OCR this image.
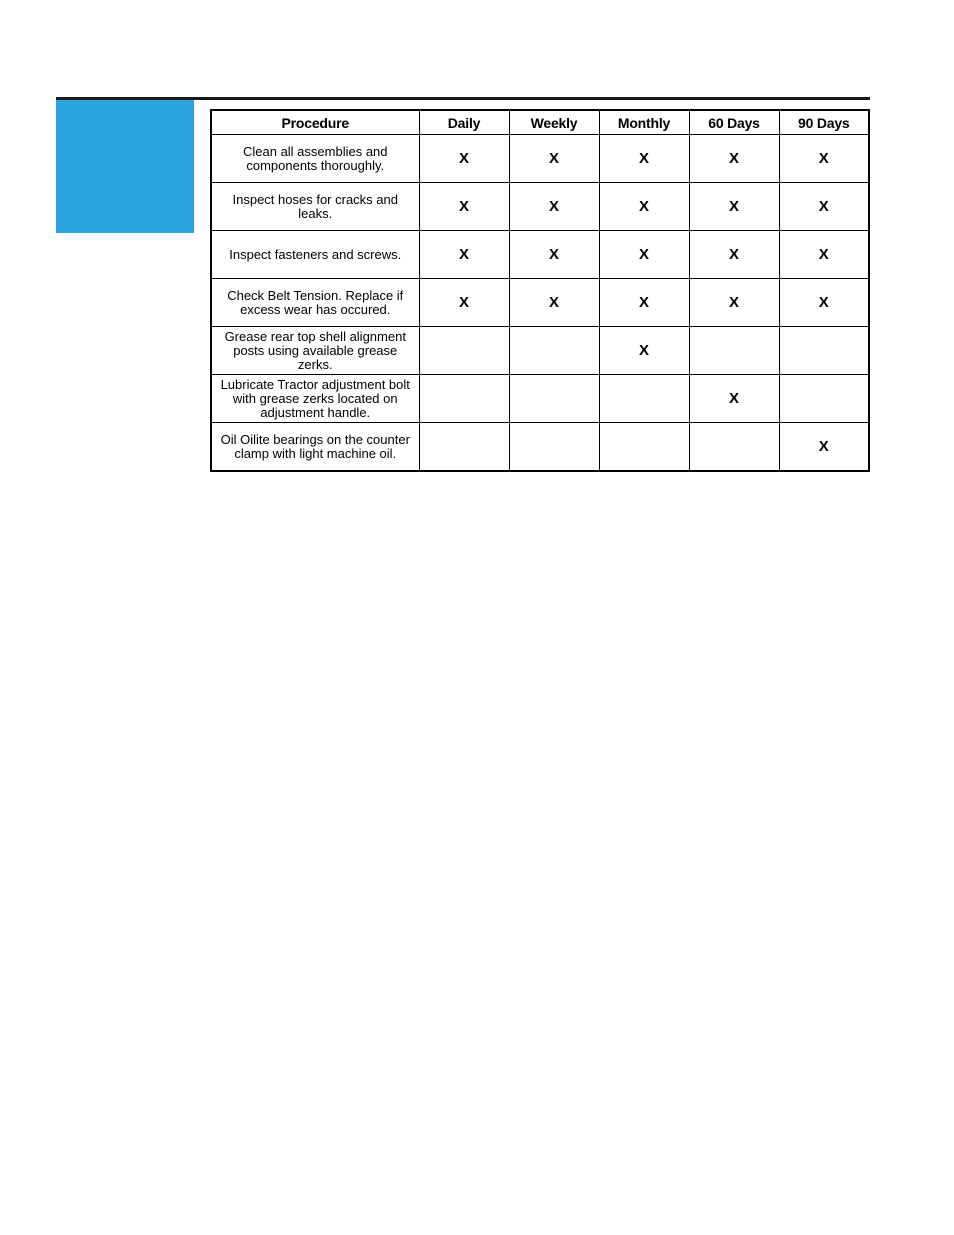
Procedure	Daily	Weekly	Monthly	60 Days	90 Days
Clean all assemblies and components thoroughly.	X	X	X	X	X
Inspect hoses for cracks and leaks.	X	X	X	X	X
Inspect fasteners and screws.	X	X	X	X	X
Check Belt Tension. Replace if excess wear has occured.	X	X	X	X	X
Grease rear top shell alignment posts using available grease zerks.			X		
Lubricate Tractor adjustment bolt with grease zerks located on adjustment handle.				X	
Oil Oilite bearings on the counter clamp with light machine oil.					X
